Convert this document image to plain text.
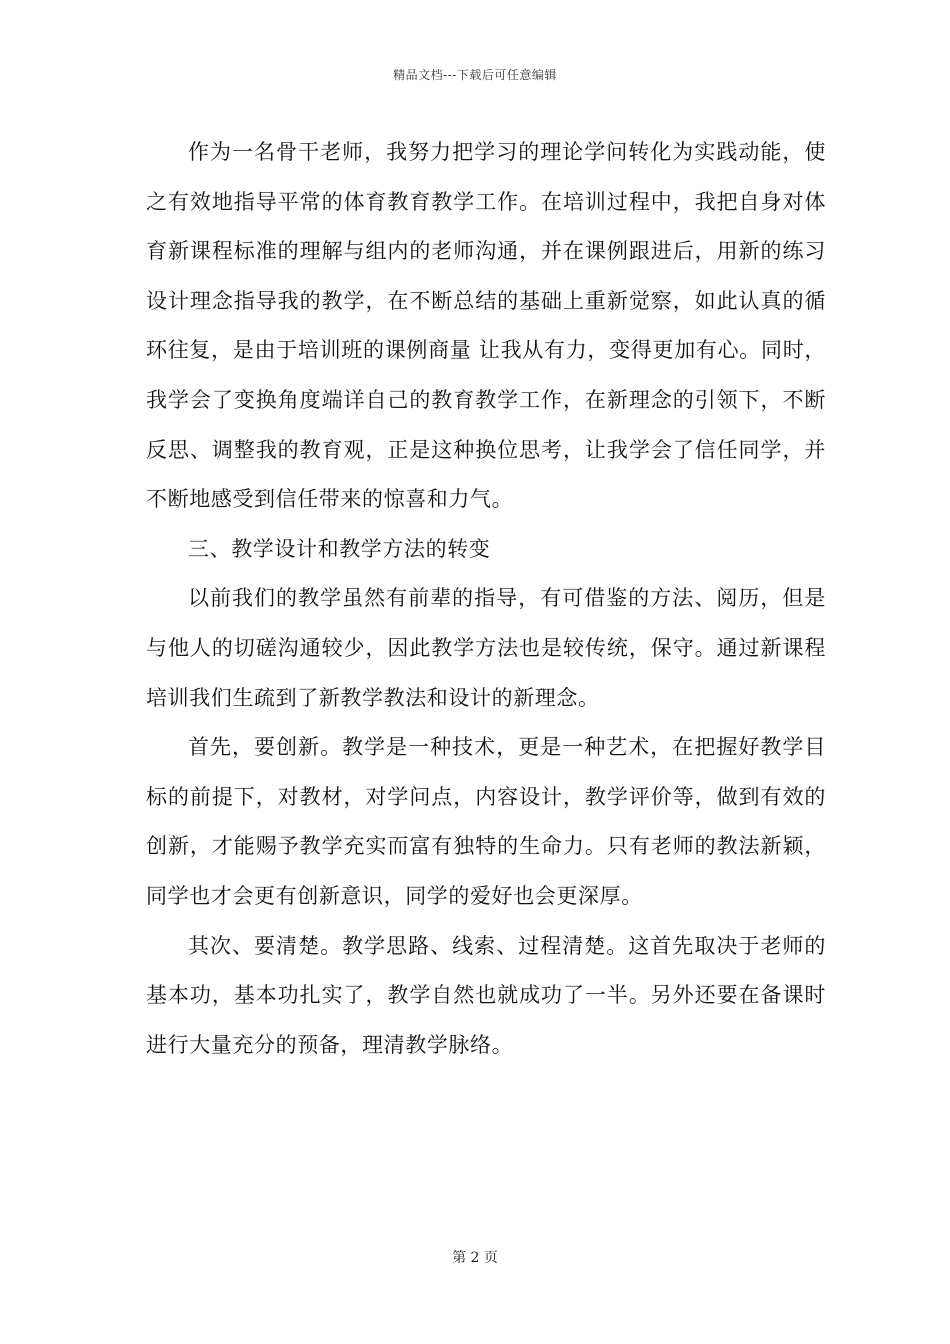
精品文档---下载后可任意编辑

作为一名骨干老师，我努力把学习的理论学问转化为实践动能，使之有效地指导平常的体育教育教学工作。在培训过程中，我把自身对体育新课程标准的理解与组内的老师沟通，并在课例跟进后，用新的练习设计理念指导我的教学，在不断总结的基础上重新觉察，如此认真的循环往复，是由于培训班的课例商量 让我从有力，变得更加有心。同时，我学会了变换角度端详自己的教育教学工作，在新理念的引领下，不断反思、调整我的教育观，正是这种换位思考，让我学会了信任同学，并不断地感受到信任带来的惊喜和力气。

三、教学设计和教学方法的转变

以前我们的教学虽然有前辈的指导，有可借鉴的方法、阅历，但是与他人的切磋沟通较少，因此教学方法也是较传统，保守。通过新课程培训我们生疏到了新教学教法和设计的新理念。

首先，要创新。教学是一种技术，更是一种艺术，在把握好教学目标的前提下，对教材，对学问点，内容设计，教学评价等，做到有效的创新，才能赐予教学充实而富有独特的生命力。只有老师的教法新颖，同学也才会更有创新意识，同学的爱好也会更深厚。

其次、要清楚。教学思路、线索、过程清楚。这首先取决于老师的基本功，基本功扎实了，教学自然也就成功了一半。另外还要在备课时进行大量充分的预备，理清教学脉络。

第 2 页
